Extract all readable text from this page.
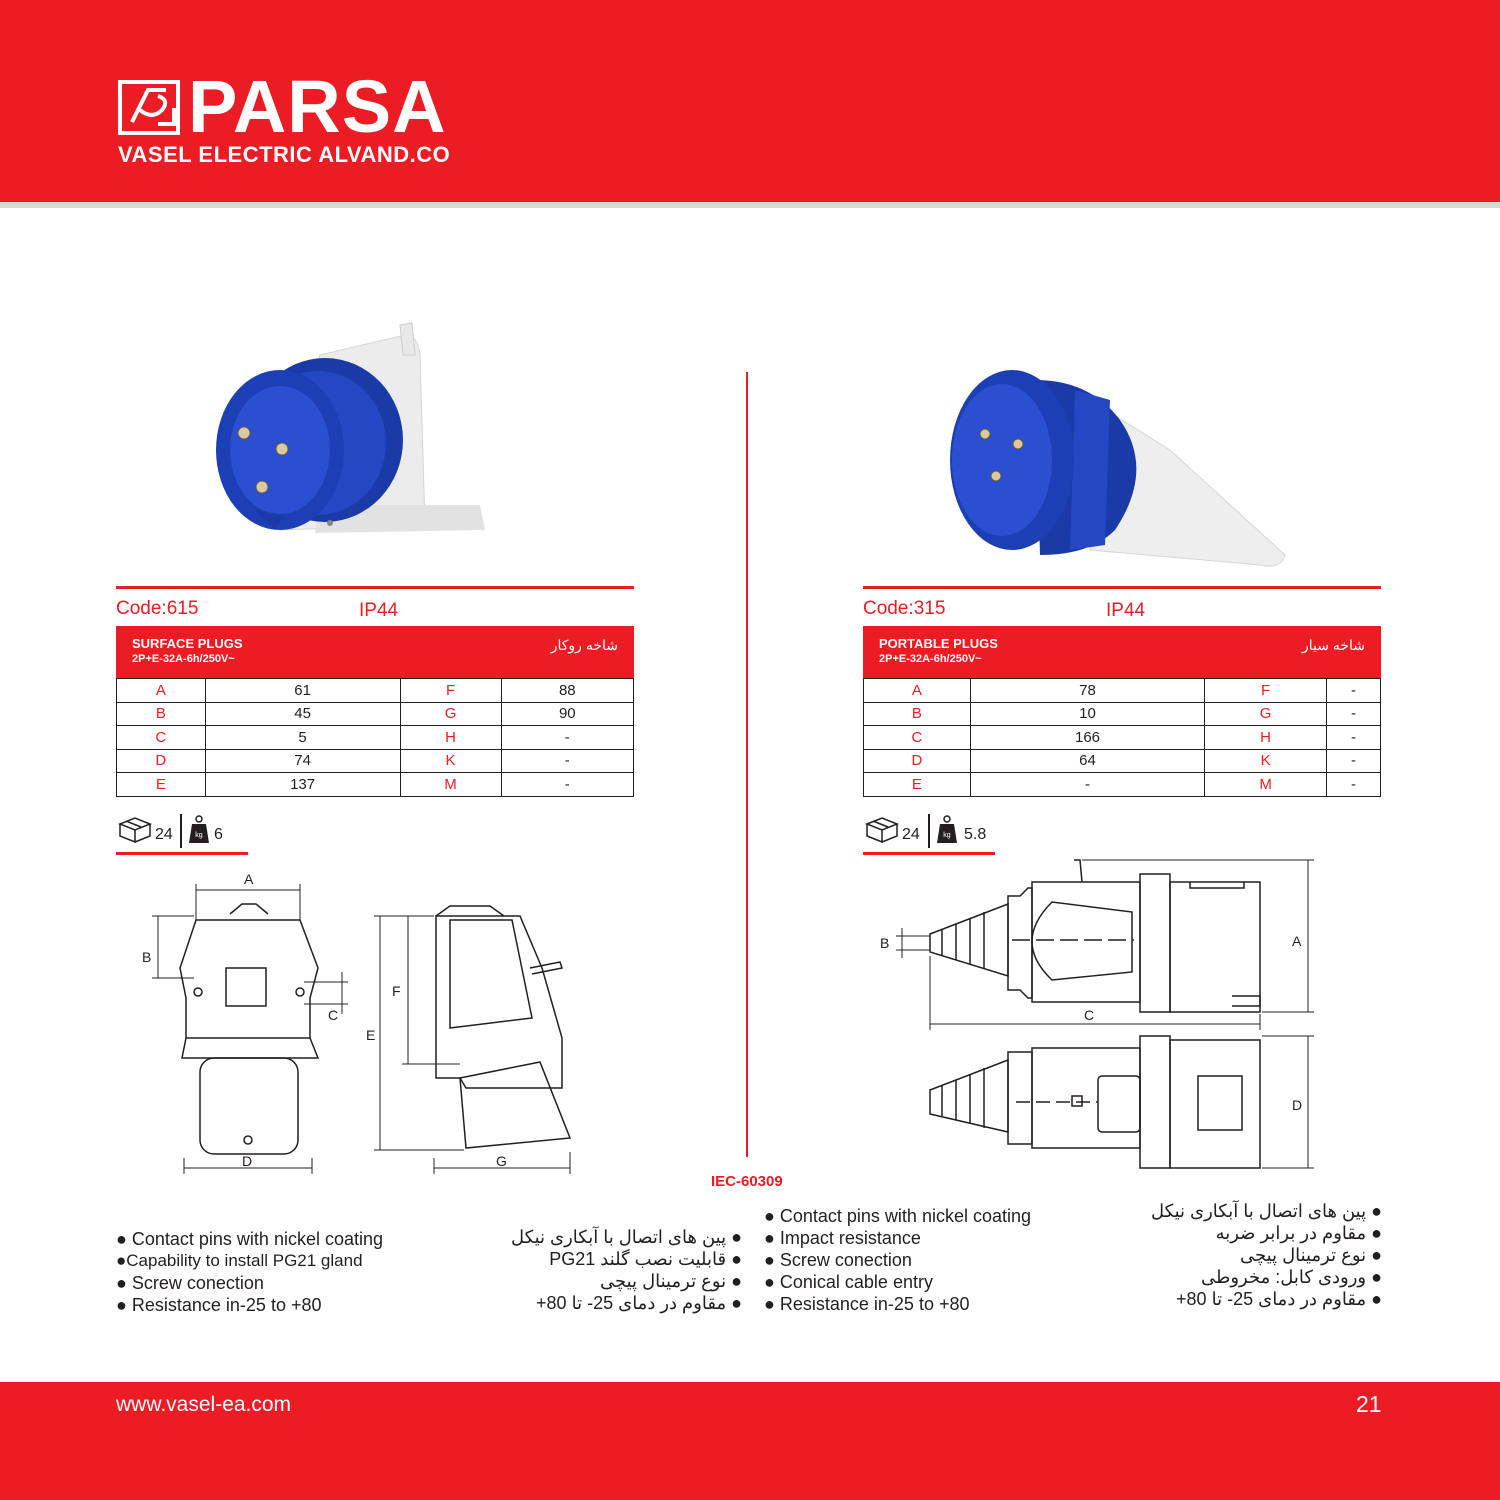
PARSA
VASEL ELECTRIC ALVAND.CO
IEC-60309
Code:615	IP44
SURFACE PLUGS
2P+E-32A-6h/250V~
شاخه روکار
A	61	F	88
B	45	G	90
C	5	H	-
D	74	K	-
E	137	M	-
24	kg 6
A
B
C
D
E
F
G
● Contact pins with nickel coating
●Capability to install PG21 gland
● Screw conection
● Resistance in-25 to +80
● پین های اتصال با آبکاری نیکل
● قابلیت نصب گلند PG21
● نوع ترمینال پیچی
● مقاوم در دمای 25- تا 80+
Code:315	IP44
PORTABLE PLUGS
2P+E-32A-6h/250V~
شاخه سیار
A	78	F	-
B	10	G	-
C	166	H	-
D	64	K	-
E	-	M	-
24	kg 5.8
A
B
C
D
● Contact pins with nickel coating
● Impact resistance
● Screw conection
● Conical cable entry
● Resistance in-25 to +80
● پین های اتصال با آبکاری نیکل
● مقاوم در برابر ضربه
● نوع ترمینال پیچی
● ورودی کابل: مخروطی
● مقاوم در دمای 25- تا 80+
www.vasel-ea.com	21
